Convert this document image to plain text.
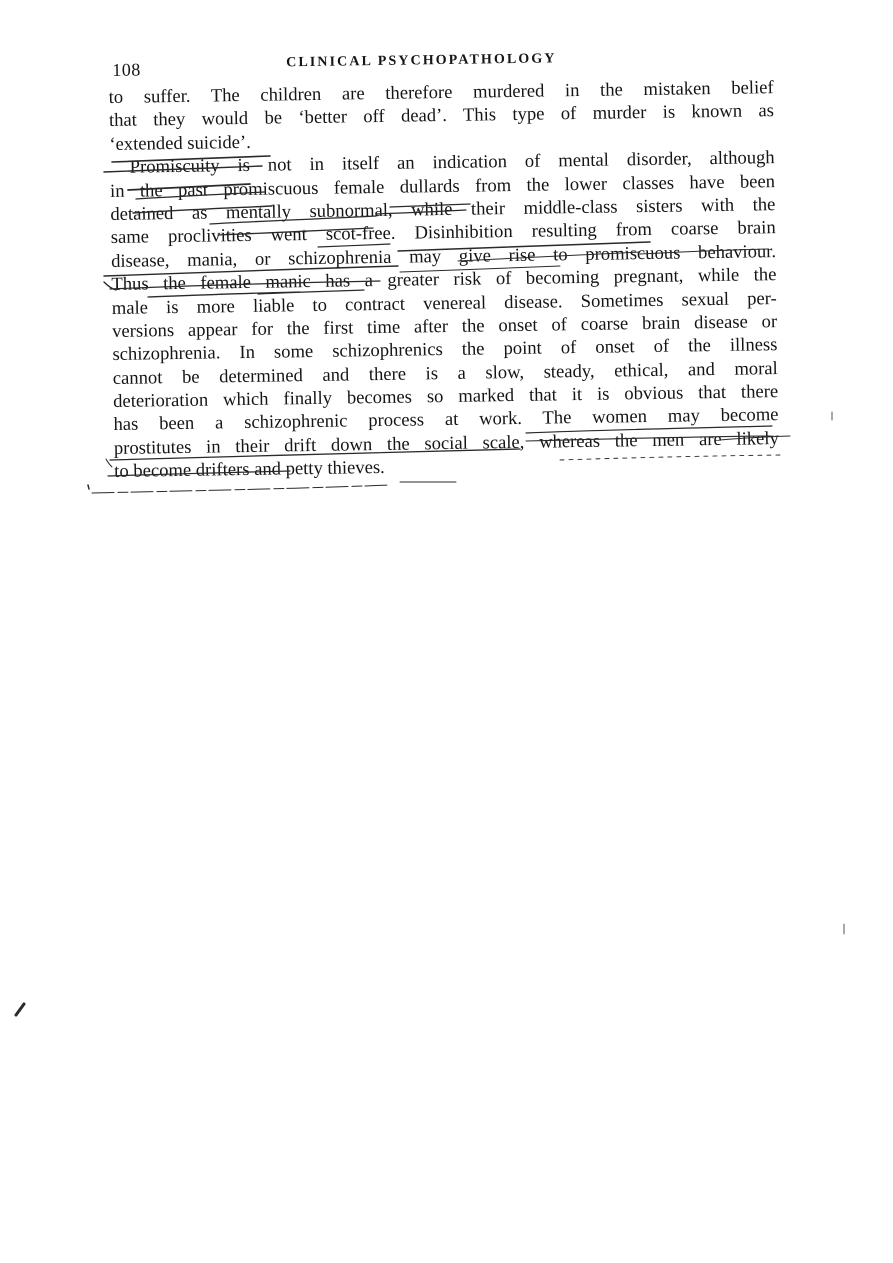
108	CLINICAL PSYCHOPATHOLOGY
to suffer. The children are therefore murdered in the mistaken belief
that they would be ‘better off dead’. This type of murder is known as
‘extended suicide’.
Promiscuity is not in itself an indication of mental disorder, although
in the past promiscuous female dullards from the lower classes have been
detained as mentally subnormal, while their middle-class sisters with the
same proclivities went scot-free. Disinhibition resulting from coarse brain
disease, mania, or schizophrenia may give rise to promiscuous behaviour.
Thus the female manic has a greater risk of becoming pregnant, while the
male is more liable to contract venereal disease. Sometimes sexual per-
versions appear for the first time after the onset of coarse brain disease or
schizophrenia. In some schizophrenics the point of onset of the illness
cannot be determined and there is a slow, steady, ethical, and moral
deterioration which finally becomes so marked that it is obvious that there
has been a schizophrenic process at work. The women may become
prostitutes in their drift down the social scale, whereas the men are likely
to become drifters and petty thieves.
